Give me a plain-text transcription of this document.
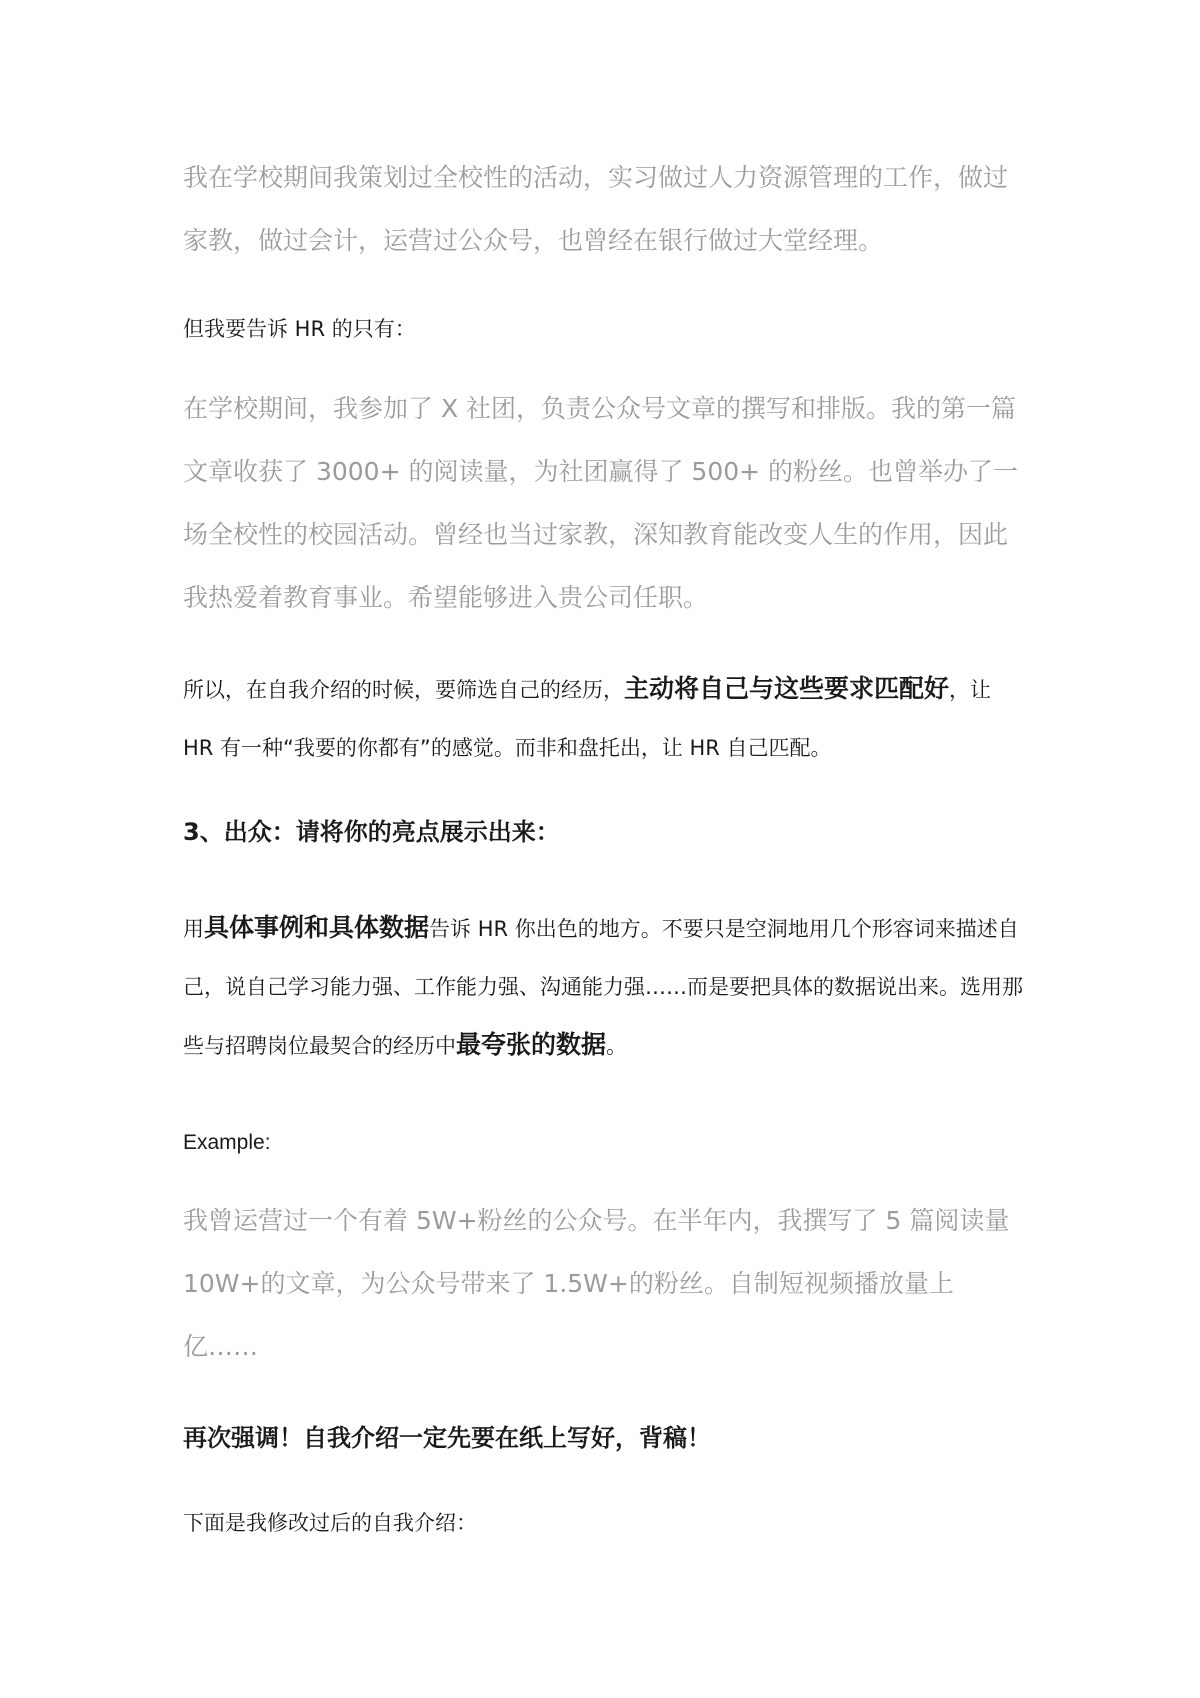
我在学校期间我策划过全校性的活动，实习做过人力资源管理的工作，做过家教，做过会计，运营过公众号，也曾经在银行做过大堂经理。

但我要告诉 HR 的只有：

在学校期间，我参加了 X 社团，负责公众号文章的撰写和排版。我的第一篇文章收获了 3000+ 的阅读量，为社团赢得了 500+ 的粉丝。也曾举办了一场全校性的校园活动。曾经也当过家教，深知教育能改变人生的作用，因此我热爱着教育事业。希望能够进入贵公司任职。

所以，在自我介绍的时候，要筛选自己的经历，主动将自己与这些要求匹配好，让 HR 有一种“我要的你都有”的感觉。而非和盘托出，让 HR 自己匹配。

3、出众：请将你的亮点展示出来：

用具体事例和具体数据告诉 HR 你出色的地方。不要只是空洞地用几个形容词来描述自己，说自己学习能力强、工作能力强、沟通能力强……而是要把具体的数据说出来。选用那些与招聘岗位最契合的经历中最夸张的数据。

Example:

我曾运营过一个有着 5W+粉丝的公众号。在半年内，我撰写了 5 篇阅读量 10W+的文章，为公众号带来了 1.5W+的粉丝。自制短视频播放量上亿……

再次强调！自我介绍一定先要在纸上写好，背稿！

下面是我修改过后的自我介绍：
